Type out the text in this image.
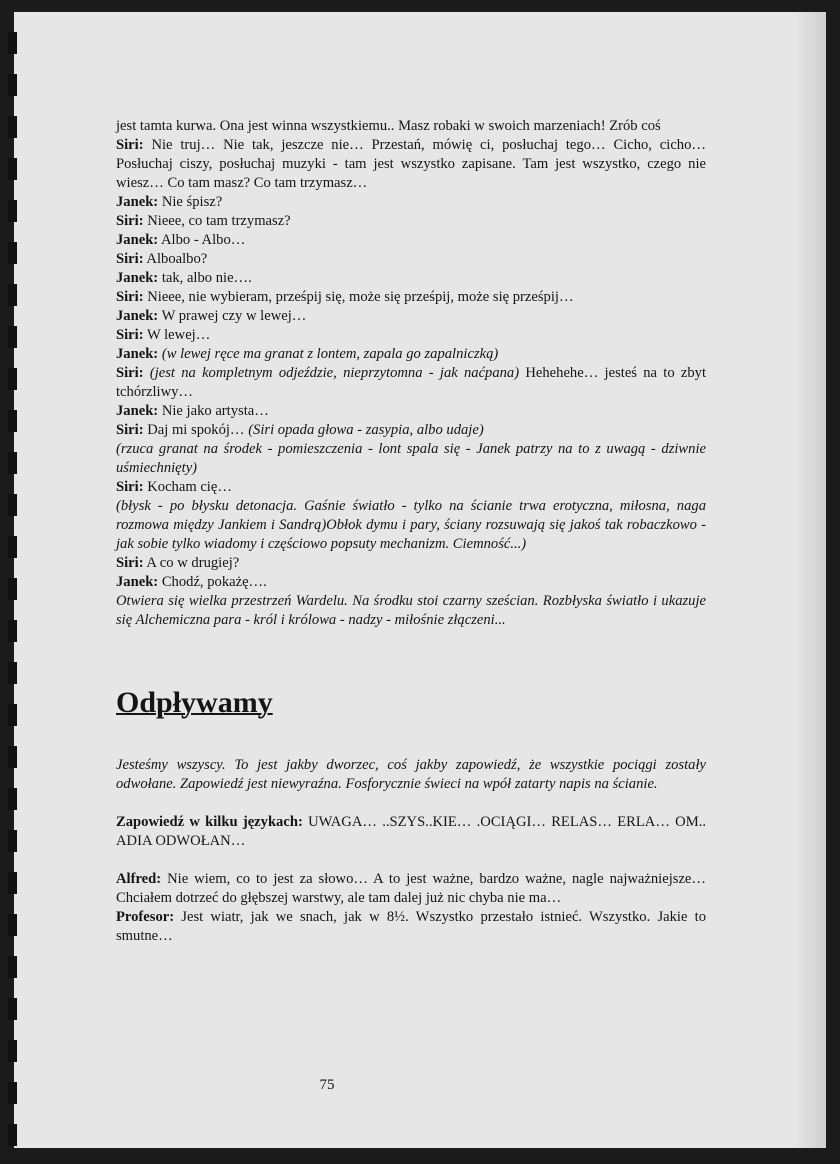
jest tamta kurwa. Ona jest winna wszystkiemu.. Masz robaki w swoich marzeniach! Zrób coś

Siri: Nie truj… Nie tak, jeszcze nie… Przestań, mówię ci, posłuchaj tego… Cicho, cicho… Posłuchaj ciszy, posłuchaj muzyki - tam jest wszystko zapisane. Tam jest wszystko, czego nie wiesz… Co tam masz? Co tam trzymasz…

Janek: Nie śpisz?

Siri: Nieee, co tam trzymasz?

Janek: Albo - Albo…

Siri: Alboalbo?

Janek: tak, albo nie….

Siri: Nieee, nie wybieram, prześpij się, może się prześpij, może się prześpij…

Janek: W prawej czy w lewej…

Siri: W lewej…

Janek: (w lewej ręce ma granat z lontem, zapala go zapalniczką)

Siri: (jest na kompletnym odjeździe, nieprzytomna - jak naćpana) Hehehehe… jesteś na to zbyt tchórzliwy…

Janek: Nie jako artysta…

Siri: Daj mi spokój… (Siri opada głowa - zasypia, albo udaje)

(rzuca granat na środek - pomieszczenia - lont spala się - Janek patrzy na to z uwagą - dziwnie uśmiechnięty)

Siri: Kocham cię…

(błysk - po błysku detonacja. Gaśnie światło - tylko na ścianie trwa erotyczna, miłosna, naga rozmowa między Jankiem i Sandrą)Obłok dymu i pary, ściany rozsuwają się jakoś tak robaczkowo - jak sobie tylko wiadomy i częściowo popsuty mechanizm. Ciemność...)

Siri: A co w drugiej?

Janek: Chodź, pokażę….

Otwiera się wielka przestrzeń Wardelu. Na środku stoi czarny sześcian. Rozbłyska światło i ukazuje się Alchemiczna para - król i królowa - nadzy - miłośnie złączeni...

Odpływamy

Jesteśmy wszyscy. To jest jakby dworzec, coś jakby zapowiedź, że wszystkie pociągi zostały odwołane. Zapowiedź jest niewyraźna. Fosforycznie świeci na wpół zatarty napis na ścianie.

Zapowiedź w kilku językach: UWAGA… ..SZYS..KIE… .OCIĄGI… RELAS… ERLA… OM.. ADIA ODWOŁAN…

Alfred: Nie wiem, co to jest za słowo… A to jest ważne, bardzo ważne, nagle najważniejsze… Chciałem dotrzeć do głębszej warstwy, ale tam dalej już nic chyba nie ma…

Profesor: Jest wiatr, jak we snach, jak w 8½. Wszystko przestało istnieć. Wszystko. Jakie to smutne…

75
